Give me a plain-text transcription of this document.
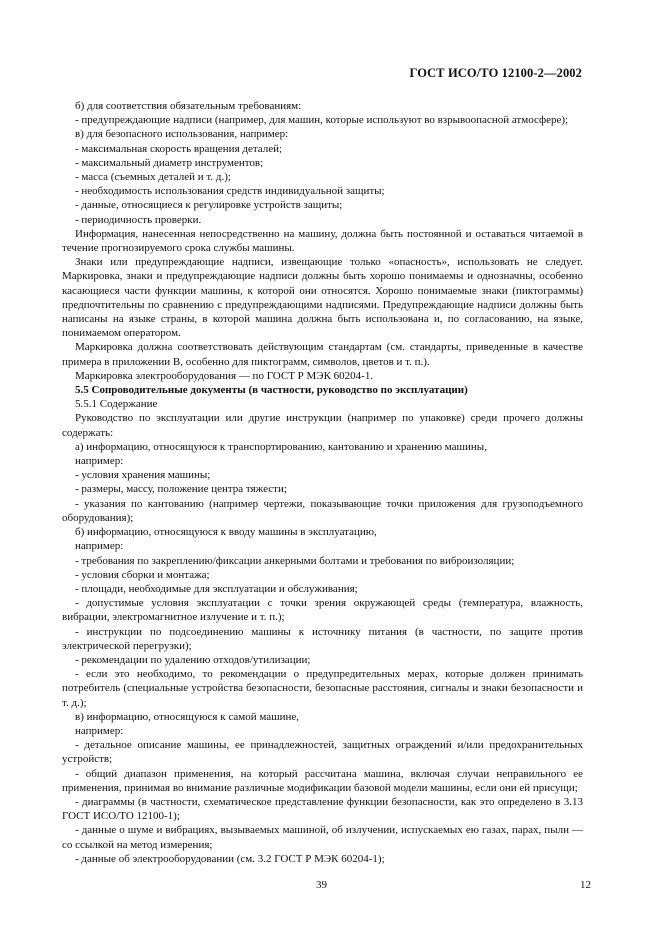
ГОСТ ИСО/ТО 12100-2—2002

б) для соответствия обязательным требованиям:

- предупреждающие надписи (например, для машин, которые используют во взрывоопасной атмосфере);

в) для безопасного использования, например:

- максимальная скорость вращения деталей;

- максимальный диаметр инструментов;

- масса (съемных деталей и т. д.);

- необходимость использования средств индивидуальной защиты;

- данные, относящиеся к регулировке устройств защиты;

- периодичность проверки.

Информация, нанесенная непосредственно на машину, должна быть постоянной и оставаться читаемой в течение прогнозируемого срока службы машины.

Знаки или предупреждающие надписи, извещающие только «опасность», использовать не следует. Маркировка, знаки и предупреждающие надписи должны быть хорошо понимаемы и однозначны, особенно касающиеся части функции машины, к которой они относятся. Хорошо понимаемые знаки (пиктограммы) предпочтительны по сравнению с предупреждающими надписями. Предупреждающие надписи должны быть написаны на языке страны, в которой машина должна быть использована и, по согласованию, на языке, понимаемом оператором.

Маркировка должна соответствовать действующим стандартам (см. стандарты, приведенные в качестве примера в приложении В, особенно для пиктограмм, символов, цветов и т. п.).

Маркировка электрооборудования — по ГОСТ Р МЭК 60204-1.

5.5 Сопроводительные документы (в частности, руководство по эксплуатации)

5.5.1 Содержание

Руководство по эксплуатации или другие инструкции (например по упаковке) среди прочего должны содержать:

а) информацию, относящуюся к транспортированию, кантованию и хранению машины,

например:

- условия хранения машины;

- размеры, массу, положение центра тяжести;

- указания по кантованию (например чертежи, показывающие точки приложения для грузоподъемного оборудования);

б) информацию, относящуюся к вводу машины в эксплуатацию,

например:

- требования по закреплению/фиксации анкерными болтами и требования по виброизоляции;

- условия сборки и монтажа;

- площади, необходимые для эксплуатации и обслуживания;

- допустимые условия эксплуатации с точки зрения окружающей среды (температура, влажность, вибрации, электромагнитное излучение и т. п.);

- инструкции по подсоединению машины к источнику питания (в частности, по защите против электрической перегрузки);

- рекомендации по удалению отходов/утилизации;

- если это необходимо, то рекомендации о предупредительных мерах, которые должен принимать потребитель (специальные устройства безопасности, безопасные расстояния, сигналы и знаки безопасности и т. д.);

в) информацию, относящуюся к самой машине,

например:

- детальное описание машины, ее принадлежностей, защитных ограждений и/или предохранительных устройств;

- общий диапазон применения, на который рассчитана машина, включая случаи неправильного ее применения, принимая во внимание различные модификации базовой модели машины, если они ей присущи;

- диаграммы (в частности, схематическое представление функции безопасности, как это определено в 3.13 ГОСТ ИСО/ТО 12100-1);

- данные о шуме и вибрациях, вызываемых машиной, об излучении, испускаемых ею газах, парах, пыли — со ссылкой на метод измерения;

- данные об электрооборудовании (см. 3.2 ГОСТ Р МЭК 60204-1);

39	12
